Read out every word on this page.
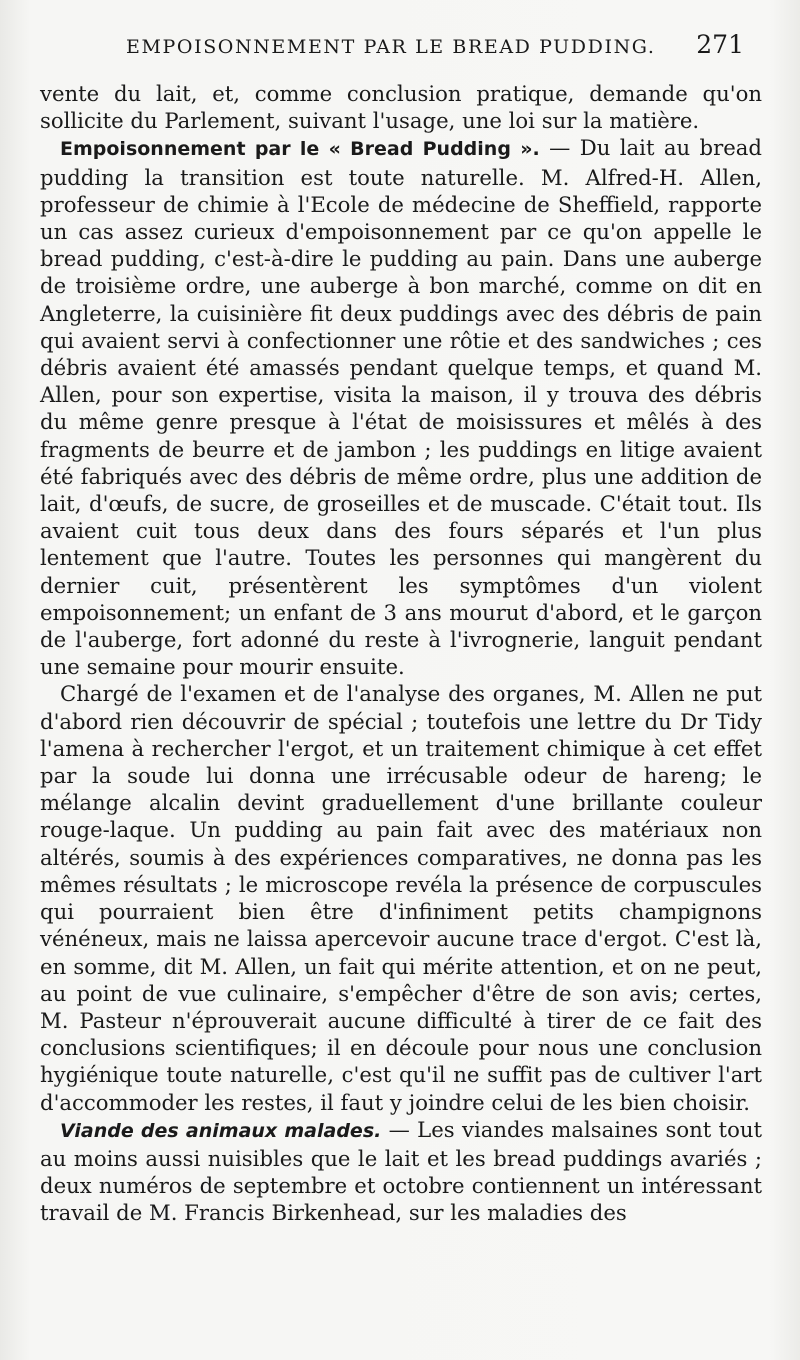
EMPOISONNEMENT PAR LE BREAD PUDDING. 271

vente du lait, et, comme conclusion pratique, demande qu'on sollicite du Parlement, suivant l'usage, une loi sur la matière.

Empoisonnement par le « Bread Pudding ». — Du lait au bread pudding la transition est toute naturelle. M. Alfred-H. Allen, professeur de chimie à l'Ecole de médecine de Sheffield, rapporte un cas assez curieux d'empoisonnement par ce qu'on appelle le bread pudding, c'est-à-dire le pudding au pain. Dans une auberge de troisième ordre, une auberge à bon marché, comme on dit en Angleterre, la cuisinière fit deux puddings avec des débris de pain qui avaient servi à confectionner une rôtie et des sandwiches ; ces débris avaient été amassés pendant quelque temps, et quand M. Allen, pour son expertise, visita la maison, il y trouva des débris du même genre presque à l'état de moisissures et mêlés à des fragments de beurre et de jambon ; les puddings en litige avaient été fabriqués avec des débris de même ordre, plus une addition de lait, d'œufs, de sucre, de groseilles et de muscade. C'était tout. Ils avaient cuit tous deux dans des fours séparés et l'un plus lentement que l'autre. Toutes les personnes qui mangèrent du dernier cuit, présentèrent les symptômes d'un violent empoisonnement; un enfant de 3 ans mourut d'abord, et le garçon de l'auberge, fort adonné du reste à l'ivrognerie, languit pendant une semaine pour mourir ensuite.

Chargé de l'examen et de l'analyse des organes, M. Allen ne put d'abord rien découvrir de spécial ; toutefois une lettre du Dr Tidy l'amena à rechercher l'ergot, et un traitement chimique à cet effet par la soude lui donna une irrécusable odeur de hareng; le mélange alcalin devint graduellement d'une brillante couleur rouge-laque. Un pudding au pain fait avec des matériaux non altérés, soumis à des expériences comparatives, ne donna pas les mêmes résultats ; le microscope revéla la présence de corpuscules qui pourraient bien être d'infiniment petits champignons vénéneux, mais ne laissa apercevoir aucune trace d'ergot. C'est là, en somme, dit M. Allen, un fait qui mérite attention, et on ne peut, au point de vue culinaire, s'empêcher d'être de son avis; certes, M. Pasteur n'éprouverait aucune difficulté à tirer de ce fait des conclusions scientifiques; il en découle pour nous une conclusion hygiénique toute naturelle, c'est qu'il ne suffit pas de cultiver l'art d'accommoder les restes, il faut y joindre celui de les bien choisir.

Viande des animaux malades. — Les viandes malsaines sont tout au moins aussi nuisibles que le lait et les bread puddings avariés ; deux numéros de septembre et octobre contiennent un intéressant travail de M. Francis Birkenhead, sur les maladies des
